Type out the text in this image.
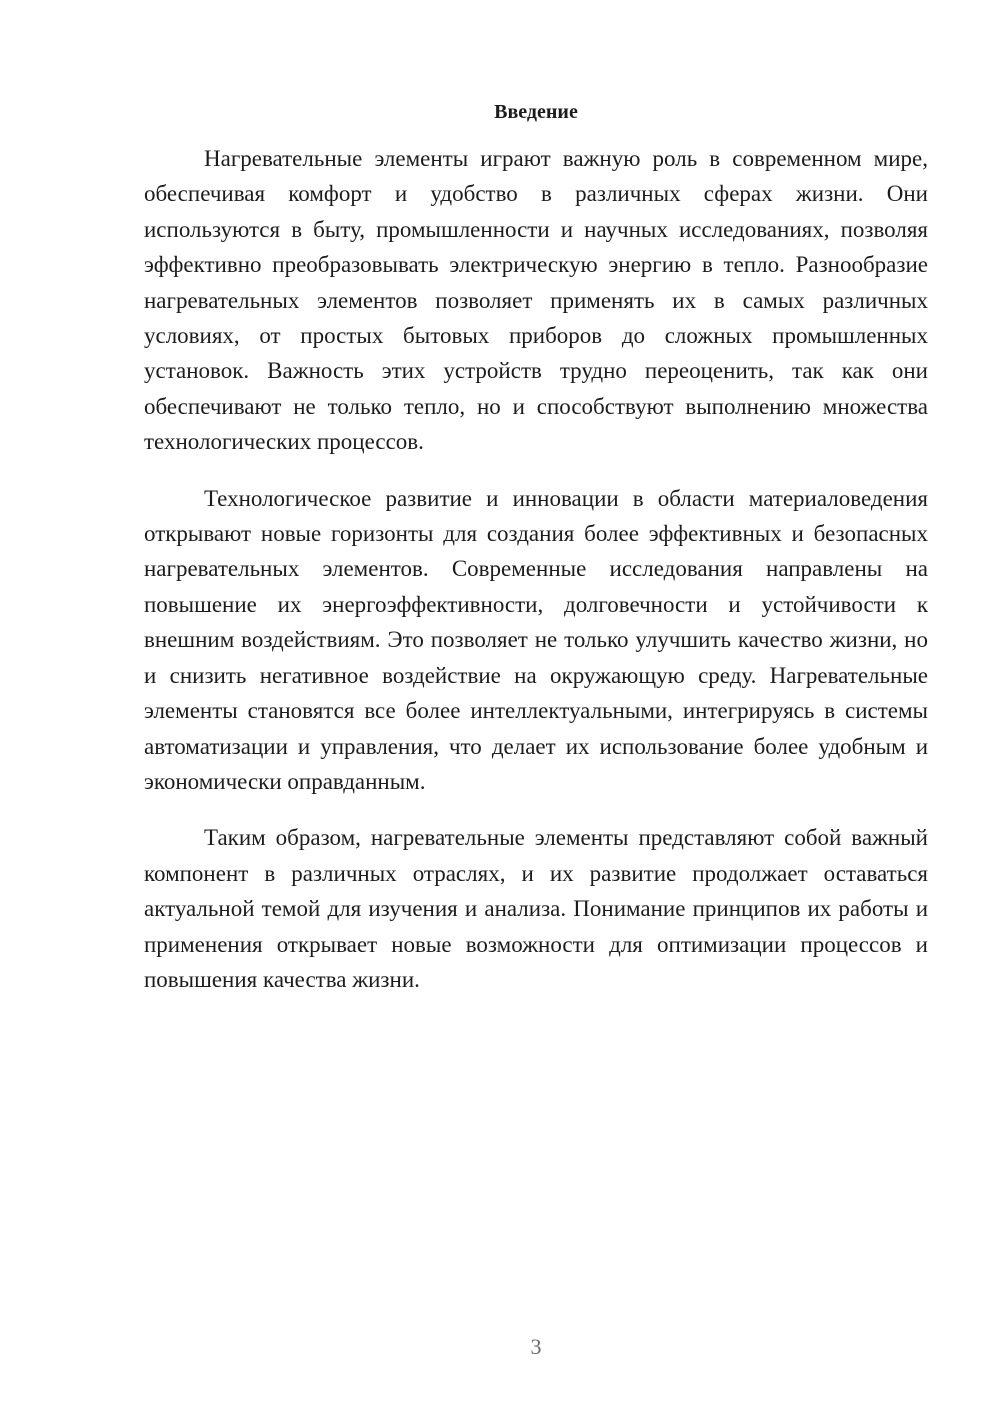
Введение

Нагревательные элементы играют важную роль в современном мире, обеспечивая комфорт и удобство в различных сферах жизни. Они используются в быту, промышленности и научных исследованиях, позволяя эффективно преобразовывать электрическую энергию в тепло. Разнообразие нагревательных элементов позволяет применять их в самых различных условиях, от простых бытовых приборов до сложных промышленных установок. Важность этих устройств трудно переоценить, так как они обеспечивают не только тепло, но и способствуют выполнению множества технологических процессов.

Технологическое развитие и инновации в области материаловедения открывают новые горизонты для создания более эффективных и безопасных нагревательных элементов. Современные исследования направлены на повышение их энергоэффективности, долговечности и устойчивости к внешним воздействиям. Это позволяет не только улучшить качество жизни, но и снизить негативное воздействие на окружающую среду. Нагревательные элементы становятся все более интеллектуальными, интегрируясь в системы автоматизации и управления, что делает их использование более удобным и экономически оправданным.

Таким образом, нагревательные элементы представляют собой важный компонент в различных отраслях, и их развитие продолжает оставаться актуальной темой для изучения и анализа. Понимание принципов их работы и применения открывает новые возможности для оптимизации процессов и повышения качества жизни.

3
